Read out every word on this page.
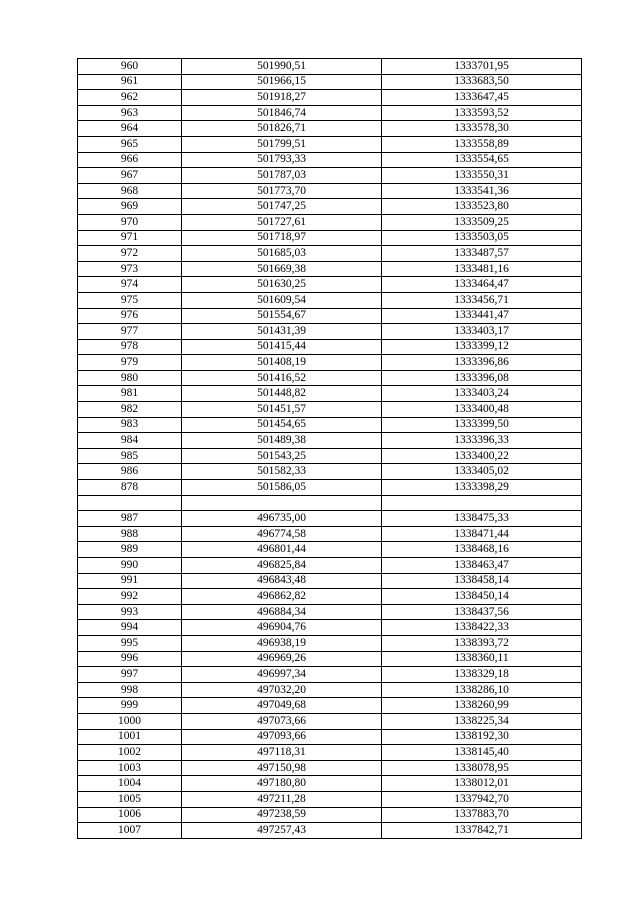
960	501990,51	1333701,95
961	501966,15	1333683,50
962	501918,27	1333647,45
963	501846,74	1333593,52
964	501826,71	1333578,30
965	501799,51	1333558,89
966	501793,33	1333554,65
967	501787,03	1333550,31
968	501773,70	1333541,36
969	501747,25	1333523,80
970	501727,61	1333509,25
971	501718,97	1333503,05
972	501685,03	1333487,57
973	501669,38	1333481,16
974	501630,25	1333464,47
975	501609,54	1333456,71
976	501554,67	1333441,47
977	501431,39	1333403,17
978	501415,44	1333399,12
979	501408,19	1333396,86
980	501416,52	1333396,08
981	501448,82	1333403,24
982	501451,57	1333400,48
983	501454,65	1333399,50
984	501489,38	1333396,33
985	501543,25	1333400,22
986	501582,33	1333405,02
878	501586,05	1333398,29

987	496735,00	1338475,33
988	496774,58	1338471,44
989	496801,44	1338468,16
990	496825,84	1338463,47
991	496843,48	1338458,14
992	496862,82	1338450,14
993	496884,34	1338437,56
994	496904,76	1338422,33
995	496938,19	1338393,72
996	496969,26	1338360,11
997	496997,34	1338329,18
998	497032,20	1338286,10
999	497049,68	1338260,99
1000	497073,66	1338225,34
1001	497093,66	1338192,30
1002	497118,31	1338145,40
1003	497150,98	1338078,95
1004	497180,80	1338012,01
1005	497211,28	1337942,70
1006	497238,59	1337883,70
1007	497257,43	1337842,71
